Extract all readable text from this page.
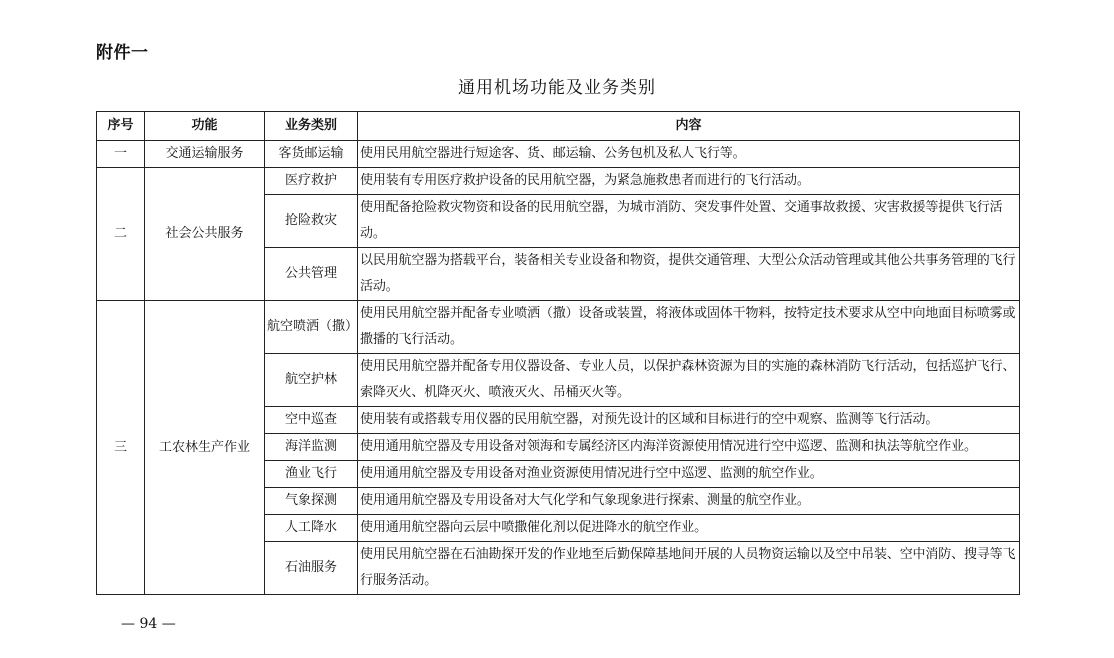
附件一
通用机场功能及业务类别
序号	功能	业务类别	内容
一	交通运输服务	客货邮运输	使用民用航空器进行短途客、货、邮运输、公务包机及私人飞行等。
二	社会公共服务	医疗救护	使用装有专用医疗救护设备的民用航空器，为紧急施救患者而进行的飞行活动。
		抢险救灾	使用配备抢险救灾物资和设备的民用航空器，为城市消防、突发事件处置、交通事故救援、灾害救援等提供飞行活动。
		公共管理	以民用航空器为搭载平台，装备相关专业设备和物资，提供交通管理、大型公众活动管理或其他公共事务管理的飞行活动。
三	工农林生产作业	航空喷洒（撒）	使用民用航空器并配备专业喷洒（撒）设备或装置，将液体或固体干物料，按特定技术要求从空中向地面目标喷雾或撒播的飞行活动。
		航空护林	使用民用航空器并配备专用仪器设备、专业人员，以保护森林资源为目的实施的森林消防飞行活动，包括巡护飞行、索降灭火、机降灭火、喷液灭火、吊桶灭火等。
		空中巡查	使用装有或搭载专用仪器的民用航空器，对预先设计的区域和目标进行的空中观察、监测等飞行活动。
		海洋监测	使用通用航空器及专用设备对领海和专属经济区内海洋资源使用情况进行空中巡逻、监测和执法等航空作业。
		渔业飞行	使用通用航空器及专用设备对渔业资源使用情况进行空中巡逻、监测的航空作业。
		气象探测	使用通用航空器及专用设备对大气化学和气象现象进行探索、测量的航空作业。
		人工降水	使用通用航空器向云层中喷撒催化剂以促进降水的航空作业。
		石油服务	使用民用航空器在石油勘探开发的作业地至后勤保障基地间开展的人员物资运输以及空中吊装、空中消防、搜寻等飞行服务活动。
— 94 —
